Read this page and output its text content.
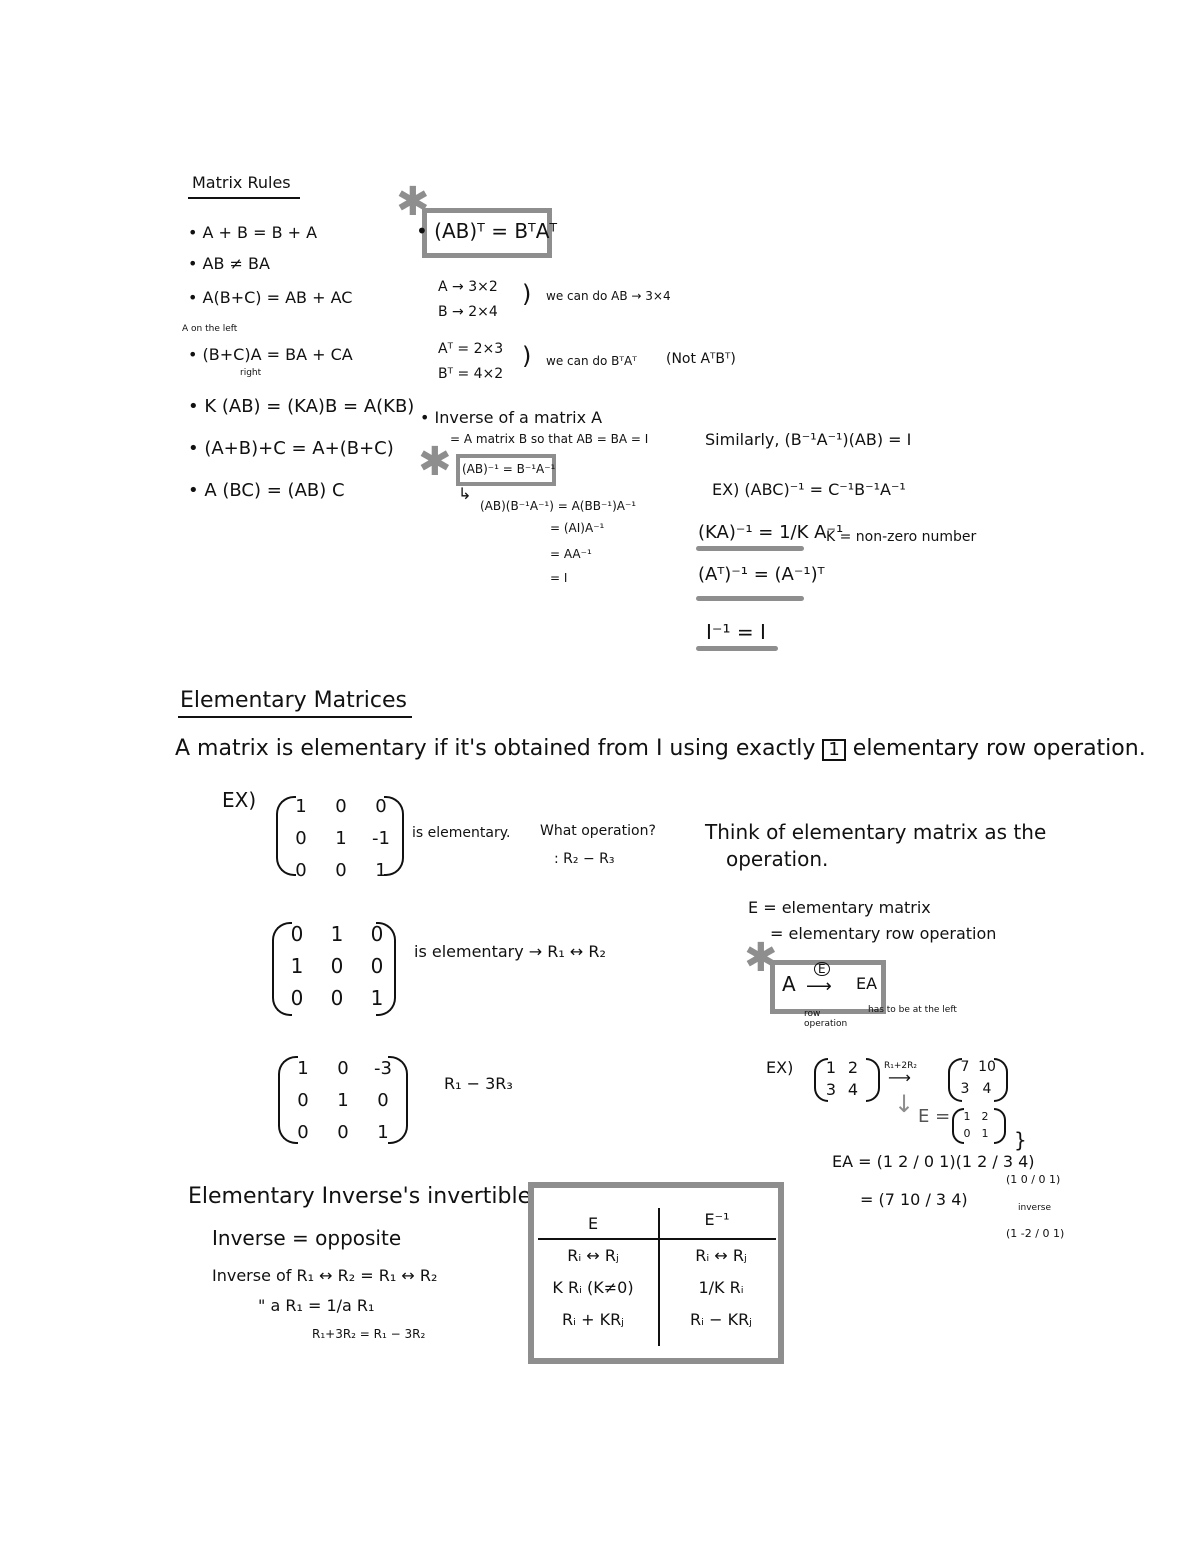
Matrix Rules
• A + B = B + A
• AB ≠ BA
• A(B+C) = AB + AC
A on the left
• (B+C)A = BA + CA
right
• K (AB) = (KA)B = A(KB)
• (A+B)+C = A+(B+C)
• A (BC) = (AB) C
✱
• (AB)ᵀ = BᵀAᵀ
A → 3×2
B → 2×4
) we can do AB → 3×4
Aᵀ = 2×3
Bᵀ = 4×2
) we can do BᵀAᵀ (Not AᵀBᵀ)
• Inverse of a matrix A
= A matrix B so that AB = BA = I
✱ (AB)⁻¹ = B⁻¹A⁻¹
↳
(AB)(B⁻¹A⁻¹) = A(BB⁻¹)A⁻¹
= (AI)A⁻¹
= AA⁻¹
= I
Similarly, (B⁻¹A⁻¹)(AB) = I
EX) (ABC)⁻¹ = C⁻¹B⁻¹A⁻¹
(KA)⁻¹ = 1/K A⁻¹
K = non-zero number
(Aᵀ)⁻¹ = (A⁻¹)ᵀ
I⁻¹ = I
Elementary Matrices
A matrix is elementary if it's obtained from I using exactly 1 elementary row operation.
EX) 1 0 0
0 1 -1
0 0 1
is elementary. What operation?
: R₂ − R₃
Think of elementary matrix as the
operation.
0 1 0
1 0 0
0 0 1
is elementary → R₁ ↔ R₂
E = elementary matrix
= elementary row operation
✱
A
E
⟶ EA
row operation
has to be at the left
1 0 -3
0 1 0
0 0 1
R₁ − 3R₃
EX) 1 2
3 4
R₁+2R₂
⟶
7 10
3 4
↓ E =	1	2
0	1
EA = (1 2 / 0 1)(1 2 / 3 4)
= (7 10 / 3 4)
}
(1 0 / 0 1)
inverse
(1 -2 / 0 1)
Elementary Inverse's invertible
Inverse = opposite
Inverse of R₁ ↔ R₂ = R₁ ↔ R₂
" a R₁ = 1/a R₁
R₁+3R₂ = R₁ − 3R₂
E	E⁻¹
Rᵢ ↔ Rⱼ	Rᵢ ↔ Rⱼ
K Rᵢ (K≠0)	1/K Rᵢ
Rᵢ + KRⱼ	Rᵢ − KRⱼ
